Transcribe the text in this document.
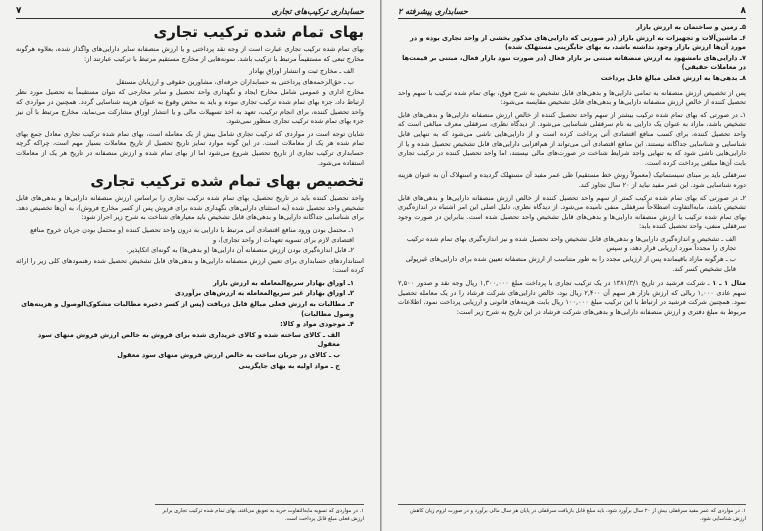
حسابداری ترکیب‌های تجاری
۷
بهای تمام شده ترکیب تجاری

بهای تمام شده ترکیب تجاری عبارت است از وجه نقد پرداختی و یا ارزش منصفانه سایر دارایی‌های واگذار شده، بعلاوه هرگونه مخارج تبعی که مستقیماً مرتبط با ترکیب باشد. نمونه‌هایی از مخارج مستقیم مرتبط با ترکیب عبارتند از:

الف ـ مخارج ثبت و انتشار اوراق بهادار
ب ـ حق‌الزحمه‌های پرداختی به حسابداران حرفه‌ای، مشاورین حقوقی و ارزیابان مستقل

مخارج اداری و عمومی شامل مخارج ایجاد و نگهداری واحد تحصیل و سایر مخارجی که نتوان مستقیماً به تحصیل مورد نظر ارتباط داد، جزء بهای تمام شده ترکیب تجاری نبوده و باید به محض وقوع به عنوان هزینه شناسایی گردد. همچنین در مواردی که واحد تحصیل کننده، برای انجام ترکیب، تعهد به اخذ تسهیلات مالی و یا انتشار اوراق مشارکت می‌نماید، مخارج مرتبط با آن نیز جزء بهای تمام شده ترکیب تجاری منظور نمی‌شود.

شایان توجه است در مواردی که ترکیب تجاری شامل بیش از یک معامله است، بهای تمام شده ترکیب تجاری معادل جمع بهای تمام شده هر یک از معاملات است. در این گونه موارد تمایز تاریخ تحصیل از تاریخ معاملات بسیار مهم است، چراکه گرچه حسابداری ترکیب تجاری از تاریخ تحصیل شروع می‌شود اما از بهای تمام شده و ارزش منصفانه در تاریخ هر یک از معاملات استفاده می‌شود.

تخصیص بهای تمام شده ترکیب تجاری

واحد تحصیل کننده باید در تاریخ تحصیل، بهای تمام شده ترکیب تجاری را براساس ارزش منصفانه دارایی‌ها و بدهی‌های قابل تشخیص واحد تحصیل شده (به استثنای دارایی‌های نگهداری شده برای فروش پس از کسر مخارج فروش)، به آن‌ها تخصیص دهد. برای شناسایی جداگانه دارایی‌ها و بدهی‌های قابل تشخیص باید معیارهای شناخت به شرح زیر احراز شود:

۱ـ محتمل بودن ورود منافع اقتصادی آتی مرتبط با دارایی به درون واحد تحصیل کننده (و محتمل بودن جریان خروج منافع اقتصادی لازم برای تسویه تعهدات از واحد تجاری)، و
۲ـ قابل اندازه‌گیری بودن ارزش منصفانه آن دارایی‌ها (و بدهی‌ها) به گونه‌ای اتکاپذیر.

استانداردهای حسابداری برای تعیین ارزش منصفانه دارایی‌ها و بدهی‌های قابل تشخیص تحصیل شده رهنمودهای کلی زیر را ارائه کرده است:

۱ـ اوراق بهادار سریع‌المعامله به ارزش بازار
۲ـ اوراق بهادار غیر سریع‌المعامله به ارزش‌های برآوردی
۳ـ مطالبات به ارزش فعلی مبالغ قابل دریافت (پس از کسر ذخیره مطالبات مشکوک‌الوصول و هزینه‌های وصول مطالبات)
۴ـ موجودی مواد و کالا:
الف ـ کالای ساخته شده و کالای خریداری شده برای فروش به خالص ارزش فروش منهای سود معقول
ب ـ کالای در جریان ساخت به خالص ارزش فروش منهای سود معقول
ج ـ مواد اولیه به بهای جایگزینی
۱. در مواردی که تسویه مابه‌التفاوت خرید به تعویق می‌افتد، بهای تمام شده ترکیب تجاری برابر ارزش فعلی مبلغ قابل پرداخت است.
۸
حسابداری پیشرفته ۲
۵ـ زمین و ساختمان به ارزش بازار
۶ـ ماشین‌آلات و تجهیزات به ارزش بازار (در صورتی که دارایی‌های مذکور بخشی از واحد تجاری بوده و در مورد آن‌ها ارزش بازار وجود نداشته باشد، به بهای جایگزینی مستهلک شده)
۷ـ دارایی‌های نامشهود به ارزش منصفانه مبتنی بر بازار فعال (در صورت نبود بازار فعال، مبتنی بر قیمت‌ها در معاملات حقیقی)
۸ـ بدهی‌ها به ارزش فعلی مبالغ قابل پرداخت

پس از تخصیص ارزش منصفانه به تمامی دارایی‌ها و بدهی‌های قابل تشخیص به شرح فوق، بهای تمام شده ترکیب با سهم واحد تحصیل کننده از خالص ارزش منصفانه دارایی‌ها و بدهی‌های قابل تشخیص مقایسه می‌شود:

۱ـ در صورتی که بهای تمام شده ترکیب بیشتر از سهم واحد تحصیل کننده از خالص ارزش منصفانه دارایی‌ها و بدهی‌های قابل تشخیص باشد، مازاد به عنوان یک دارایی به نام سرقفلی شناسایی می‌شود. از دیدگاه نظری، سرقفلی معرف مبالغی است که واحد تحصیل کننده، برای کسب منافع اقتصادی آتی پرداخت کرده است و از دارایی‌هایی ناشی می‌شود که به تنهایی قابل شناسایی و شناسایی جداگانه نیستند. این منافع اقتصادی آتی می‌تواند از هم‌افزایی دارایی‌های قابل تشخیص تحصیل شده و یا از دارایی‌هایی ناشی شود که به تنهایی واجد شرایط شناخت در صورت‌های مالی نیستند، اما واحد تحصیل کننده در ترکیب تجاری بابت آن‌ها مبلغی پرداخت کرده است.

سرقفلی باید بر مبنای سیستماتیک (معمولاً روش خط مستقیم) طی عمر مفید آن مستهلک گردیده و استهلاک آن به عنوان هزینه دوره شناسایی شود. این عمر مفید نباید از ۲۰ سال تجاوز کند.

۲ـ در صورتی که بهای تمام شده ترکیب کمتر از سهم واحد تحصیل کننده از خالص ارزش منصفانه دارایی‌ها و بدهی‌های قابل تشخیص باشد، مابه‌التفاوت اصطلاحاً سرقفلی منفی نامیده می‌شود. از دیدگاه نظری، دلیل اصلی این امر اشتباه در اندازه‌گیری بهای تمام شده ترکیب یا ارزش منصفانه دارایی‌ها و بدهی‌های قابل تشخیص واحد تحصیل شده است. بنابراین در صورت وجود سرقفلی منفی، واحد تحصیل کننده باید:

الف ـ تشخیص و اندازه‌گیری دارایی‌ها و بدهی‌های قابل تشخیص واحد تحصیل شده و نیز اندازه‌گیری بهای تمام شده ترکیب تجاری را مجدداً مورد ارزیابی قرار دهد، و سپس
ب ـ هرگونه مازاد باقیمانده پس از ارزیابی مجدد را به طور متناسب از ارزش منصفانه تعیین شده برای دارایی‌های غیرپولی قابل تشخیص کسر کند.

مثال ۱ ـ ۱ ـ شرکت فرشید در تاریخ ۱۳۸۱/۳/۱ در یک ترکیب تجاری با پرداخت مبلغ ۱,۳۰۰,۰۰۰ ریال وجه نقد و صدور ۲,۵۰۰ سهم عادی ۱,۰۰۰ ریالی که ارزش بازار هر سهم آن ۲,۴۰۰ ریال بود، خالص دارایی‌های شرکت فرشاد را در یک معامله تحصیل نمود. همچنین شرکت فرشید در ارتباط با این ترکیب مبلغ ۱۰۰,۰۰۰ ریال بابت هزینه‌های قانونی و ارزیابی پرداخت نمود. اطلاعات مربوط به مبلغ دفتری و ارزش منصفانه دارایی‌ها و بدهی‌های شرکت فرشاد در این تاریخ به شرح زیر است:

۱. در مواردی که عمر مفید سرقفلی بیش از ۲۰ سال برآورد شود، باید مبلغ قابل بازیافت سرقفلی در پایان هر سال مالی برآورد و در صورت لزوم زیان کاهش ارزش شناسایی شود.
